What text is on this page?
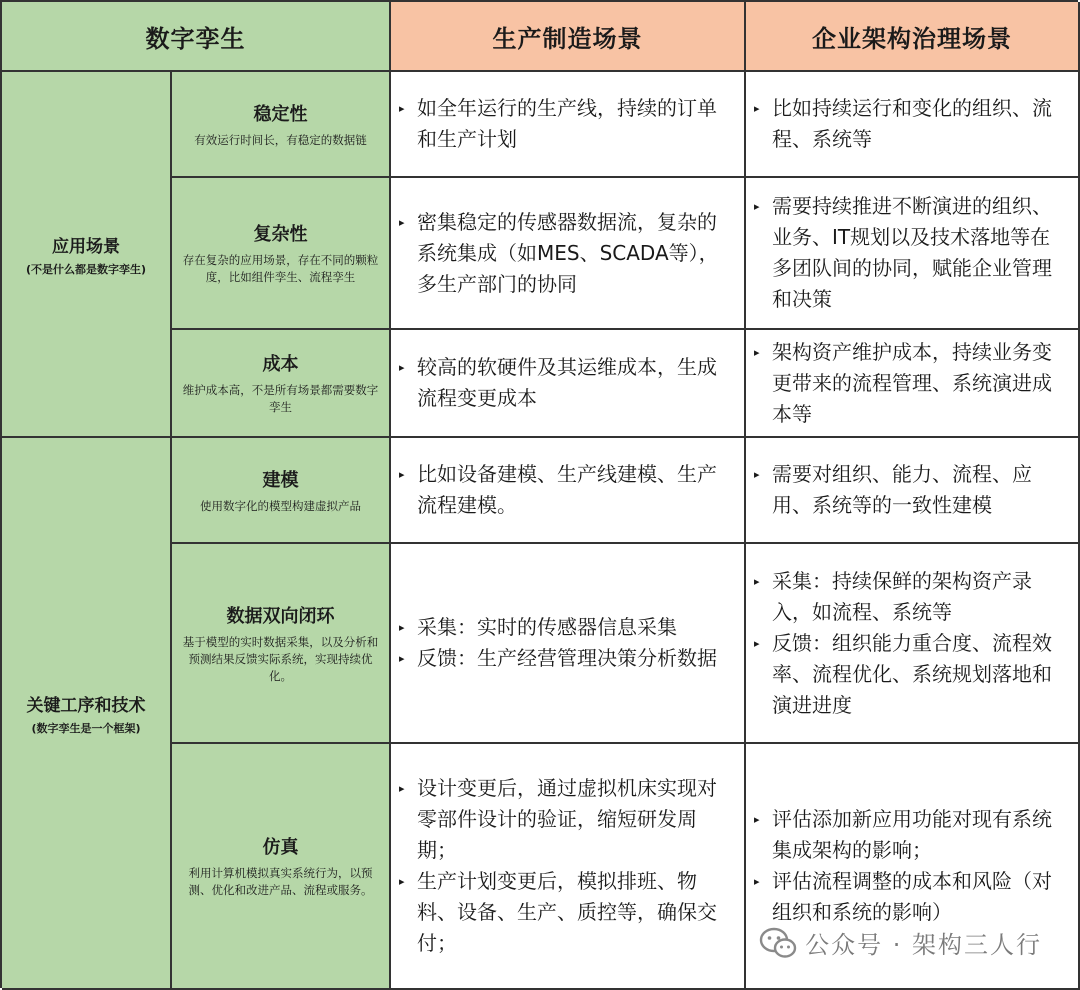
数字孪生	生产制造场景	企业架构治理场景
应用场景
(不是什么都是数字孪生)
关键工序和技术
(数字孪生是一个框架)
稳定性
有效运行时间长，有稳定的数据链
▸ 如全年运行的生产线，持续的订单和生产计划
▸ 比如持续运行和变化的组织、流程、系统等
复杂性
存在复杂的应用场景，存在不同的颗粒度，比如组件孪生、流程孪生
▸ 密集稳定的传感器数据流，复杂的系统集成（如MES、SCADA等），多生产部门的协同
▸ 需要持续推进不断演进的组织、业务、IT规划以及技术落地等在多团队间的协同，赋能企业管理和决策
成本
维护成本高，不是所有场景都需要数字孪生
▸ 较高的软硬件及其运维成本，生成流程变更成本
▸ 架构资产维护成本，持续业务变更带来的流程管理、系统演进成本等
建模
使用数字化的模型构建虚拟产品
▸ 比如设备建模、生产线建模、生产流程建模。
▸ 需要对组织、能力、流程、应用、系统等的一致性建模
数据双向闭环
基于模型的实时数据采集，以及分析和预测结果反馈实际系统，实现持续优化。
▸ 采集：实时的传感器信息采集
▸ 反馈：生产经营管理决策分析数据
▸ 采集：持续保鲜的架构资产录入，如流程、系统等
▸ 反馈：组织能力重合度、流程效率、流程优化、系统规划落地和演进进度
仿真
利用计算机模拟真实系统行为，以预测、优化和改进产品、流程或服务。
▸ 设计变更后，通过虚拟机床实现对零部件设计的验证，缩短研发周期；
▸ 生产计划变更后，模拟排班、物料、设备、生产、质控等，确保交付；
▸ 评估添加新应用功能对现有系统集成架构的影响；
▸ 评估流程调整的成本和风险（对组织和系统的影响）
公众号 · 架构三人行
